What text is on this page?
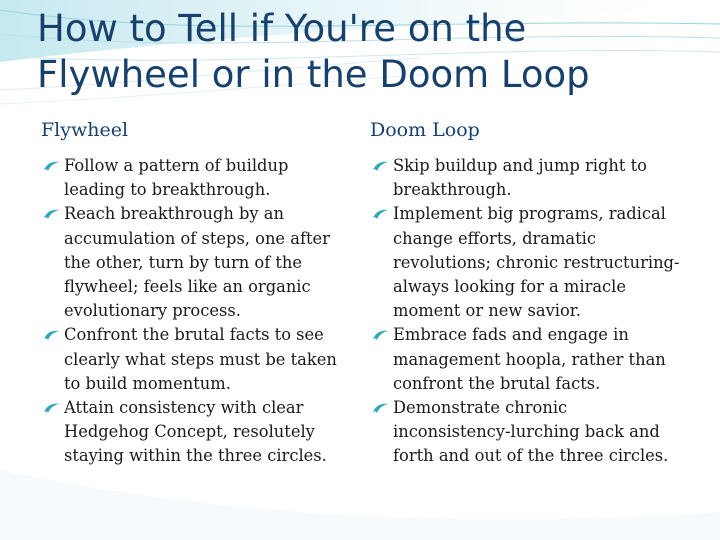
How to Tell if You're on the Flywheel or in the Doom Loop
Flywheel
Follow a pattern of buildup leading to breakthrough.
Reach breakthrough by an accumulation of steps, one after the other, turn by turn of the flywheel; feels like an organic evolutionary process.
Confront the brutal facts to see clearly what steps must be taken to build momentum.
Attain consistency with clear Hedgehog Concept, resolutely staying within the three circles.
Doom Loop
Skip buildup and jump right to breakthrough.
Implement big programs, radical change efforts, dramatic revolutions; chronic restructuring-always looking for a miracle moment or new savior.
Embrace fads and engage in management hoopla, rather than confront the brutal facts.
Demonstrate chronic inconsistency-lurching back and forth and out of the three circles.
